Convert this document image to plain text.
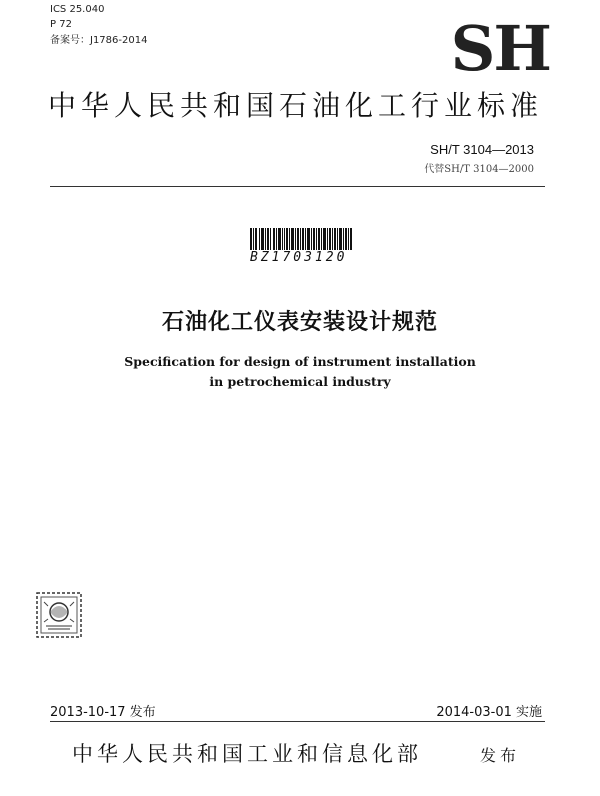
ICS 25.040
P 72
备案号：J1786-2014	SH
中华人民共和国石油化工行业标准
SH/T 3104—2013
代替SH/T 3104—2000
BZ1703120
石油化工仪表安装设计规范
Specification for design of instrument installation
in petrochemical industry
2013-10-17 发布	2014-03-01 实施
中华人民共和国工业和信息化部	发布
